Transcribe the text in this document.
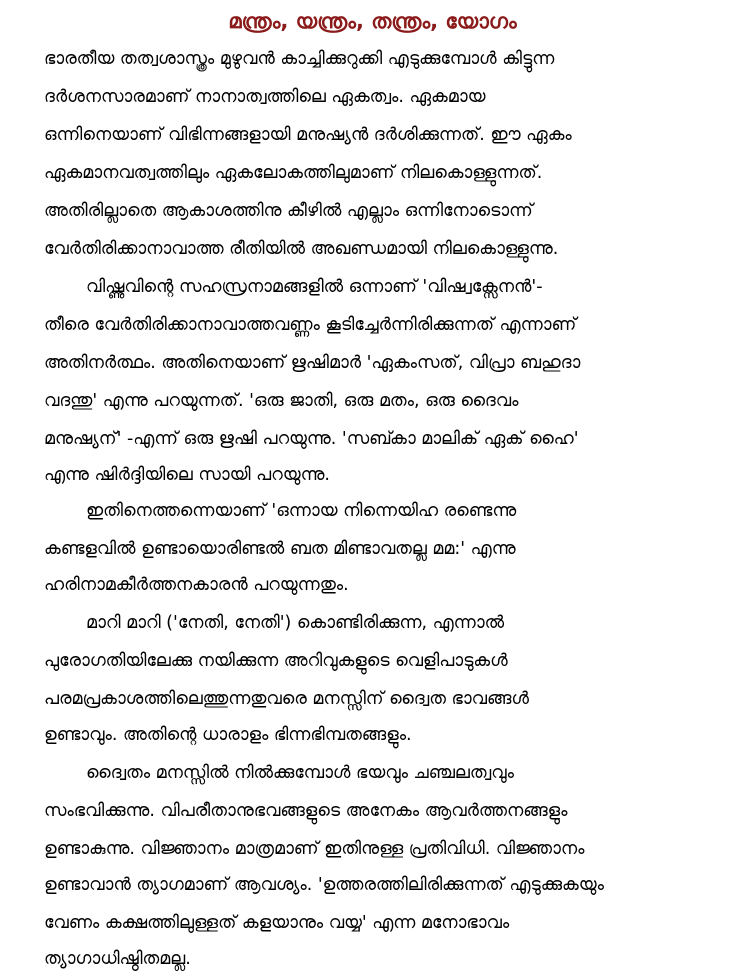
മന്ത്രം, യന്ത്രം, തന്ത്രം, യോഗം
ഭാരതീയ തത്വശാസ്ത്രം മുഴുവൻ കാച്ചിക്കുറുക്കി എടുക്കുമ്പോൾ കിട്ടുന്ന
ദർശനസാരമാണ് നാനാത്വത്തിലെ ഏകത്വം. ഏകമായ
ഒന്നിനെയാണ് വിഭിന്നങ്ങളായി മനുഷ്യൻ ദർശിക്കുന്നത്. ഈ ഏകം
ഏകമാനവത്വത്തിലും ഏകലോകത്തിലുമാണ് നിലകൊള്ളുന്നത്.
അതിരില്ലാതെ ആകാശത്തിനു കീഴിൽ എല്ലാം ഒന്നിനോടൊന്ന്
വേർതിരിക്കാനാവാത്ത രീതിയിൽ അഖണ്ഡമായി നിലകൊള്ളുന്നു.
വിഷ്ണുവിന്റെ സഹസ്രനാമങ്ങളിൽ ഒന്നാണ് 'വിഷ്വക്സേനൻ'-
തീരെ വേർതിരിക്കാനാവാത്തവണ്ണം കൂടിച്ചേർന്നിരിക്കുന്നത് എന്നാണ്
അതിനർത്ഥം. അതിനെയാണ് ഋഷിമാർ 'ഏകംസത്, വിപ്രാ ബഹുദാ
വദന്തു' എന്നു പറയുന്നത്. 'ഒരു ജാതി, ഒരു മതം, ഒരു ദൈവം
മനുഷ്യന്' -എന്ന് ഒരു ഋഷി പറയുന്നു. 'സബ്കാ മാലിക് ഏക് ഹൈ'
എന്നു ഷിർദ്ദിയിലെ സായി പറയുന്നു.
ഇതിനെത്തന്നെയാണ് 'ഒന്നായ നിന്നെയിഹ രണ്ടെന്നു
കണ്ടളവിൽ ഉണ്ടായൊരിണ്ടൽ ബത മിണ്ടാവതല്ല മമ:' എന്നു
ഹരിനാമകീർത്തനകാരൻ പറയുന്നതും.
മാറി മാറി ('നേതി, നേതി') കൊണ്ടിരിക്കുന്ന, എന്നാൽ
പുരോഗതിയിലേക്കു നയിക്കുന്ന അറിവുകളുടെ വെളിപാടുകൾ
പരമപ്രകാശത്തിലെത്തുന്നതുവരെ മനസ്സിന് ദ്വൈത ഭാവങ്ങൾ
ഉണ്ടാവും. അതിന്റെ ധാരാളം ഭിന്നഭിമ്പതങ്ങളും.
ദ്വൈതം മനസ്സിൽ നിൽക്കുമ്പോൾ ഭയവും ചഞ്ചലത്വവും
സംഭവിക്കുന്നു. വിപരീതാനുഭവങ്ങളുടെ അനേകം ആവർത്തനങ്ങളും
ഉണ്ടാകുന്നു. വിജ്ഞാനം മാത്രമാണ് ഇതിനുള്ള പ്രതിവിധി. വിജ്ഞാനം
ഉണ്ടാവാൻ ത്യാഗമാണ് ആവശ്യം. 'ഉത്തരത്തിലിരിക്കുന്നത് എടുക്കുകയും
വേണം കക്ഷത്തിലുള്ളത് കളയാനും വയ്യ' എന്ന മനോഭാവം
ത്യാഗാധിഷ്ഠിതമല്ല.
